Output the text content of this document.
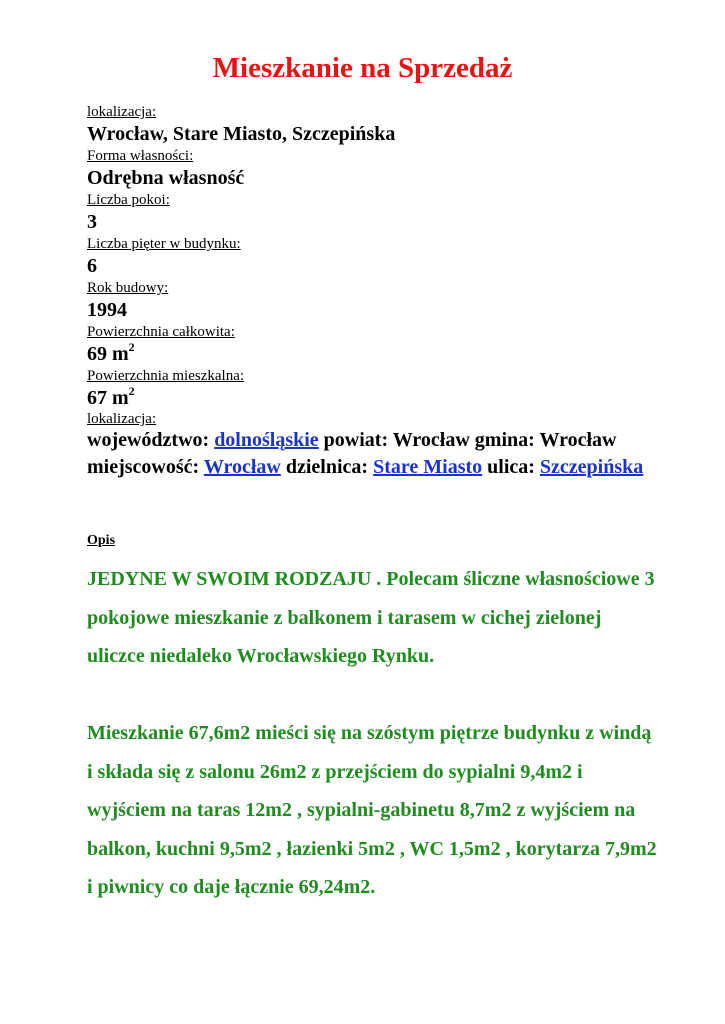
Mieszkanie na Sprzedaż
lokalizacja:
Wrocław, Stare Miasto, Szczepińska
Forma własności:
Odrębna własność
Liczba pokoi:
3
Liczba pięter w budynku:
6
Rok budowy:
1994
Powierzchnia całkowita:
69 $m^2$
Powierzchnia mieszkalna:
67 $m^2$
lokalizacja:
województwo: dolnośląskie powiat: Wrocław gmina: Wrocław miejscowość: Wrocław dzielnica: Stare Miasto ulica: Szczepińska
Opis

JEDYNE W SWOIM RODZAJU . Polecam śliczne własnościowe 3 pokojowe mieszkanie z balkonem i tarasem w cichej zielonej uliczce niedaleko Wrocławskiego Rynku.

Mieszkanie 67,6m2 mieści się na szóstym piętrze budynku z windą i składa się z salonu 26m2 z przejściem do sypialni 9,4m2 i wyjściem na taras 12m2 , sypialni-gabinetu 8,7m2 z wyjściem na balkon, kuchni 9,5m2 , łazienki 5m2 , WC 1,5m2 , korytarza 7,9m2 i piwnicy co daje łącznie 69,24m2.
